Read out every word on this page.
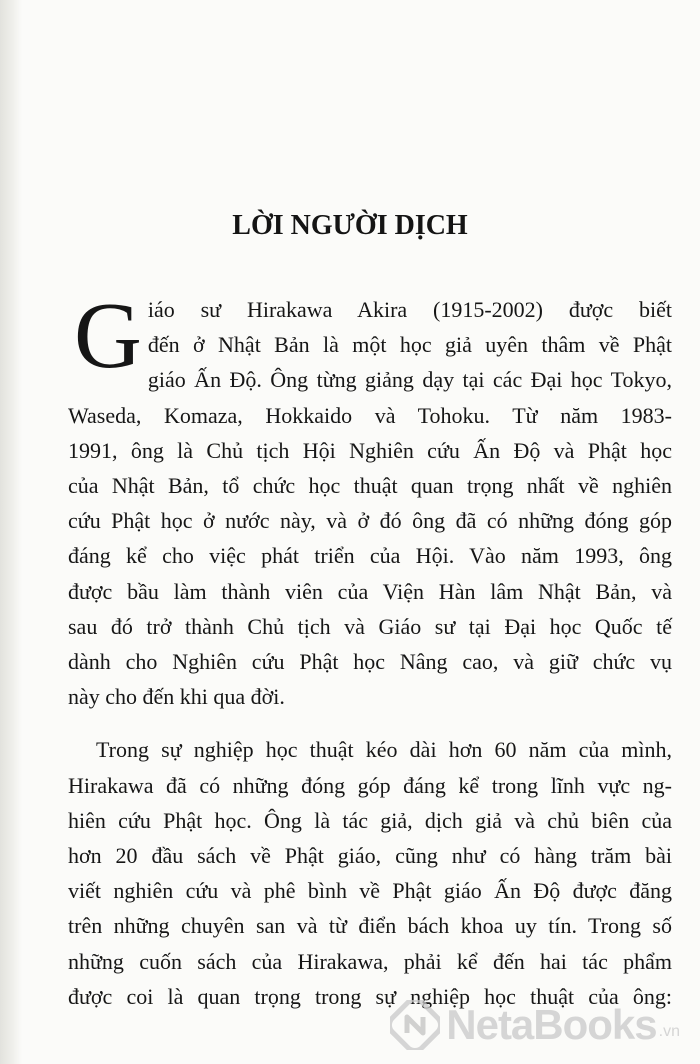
LỜI NGƯỜI DỊCH
G iáo sư Hirakawa Akira (1915-2002) được biết
đến ở Nhật Bản là một học giả uyên thâm về Phật
giáo Ấn Độ. Ông từng giảng dạy tại các Đại học Tokyo,
Waseda, Komaza, Hokkaido và Tohoku. Từ năm 1983-
1991, ông là Chủ tịch Hội Nghiên cứu Ấn Độ và Phật học
của Nhật Bản, tổ chức học thuật quan trọng nhất về nghiên
cứu Phật học ở nước này, và ở đó ông đã có những đóng góp
đáng kể cho việc phát triển của Hội. Vào năm 1993, ông
được bầu làm thành viên của Viện Hàn lâm Nhật Bản, và
sau đó trở thành Chủ tịch và Giáo sư tại Đại học Quốc tế
dành cho Nghiên cứu Phật học Nâng cao, và giữ chức vụ
này cho đến khi qua đời.
Trong sự nghiệp học thuật kéo dài hơn 60 năm của mình,
Hirakawa đã có những đóng góp đáng kể trong lĩnh vực ng-
hiên cứu Phật học. Ông là tác giả, dịch giả và chủ biên của
hơn 20 đầu sách về Phật giáo, cũng như có hàng trăm bài
viết nghiên cứu và phê bình về Phật giáo Ấn Độ được đăng
trên những chuyên san và từ điển bách khoa uy tín. Trong số
những cuốn sách của Hirakawa, phải kể đến hai tác phẩm
được coi là quan trọng trong sự nghiệp học thuật của ông:
NetaBooks .vn
